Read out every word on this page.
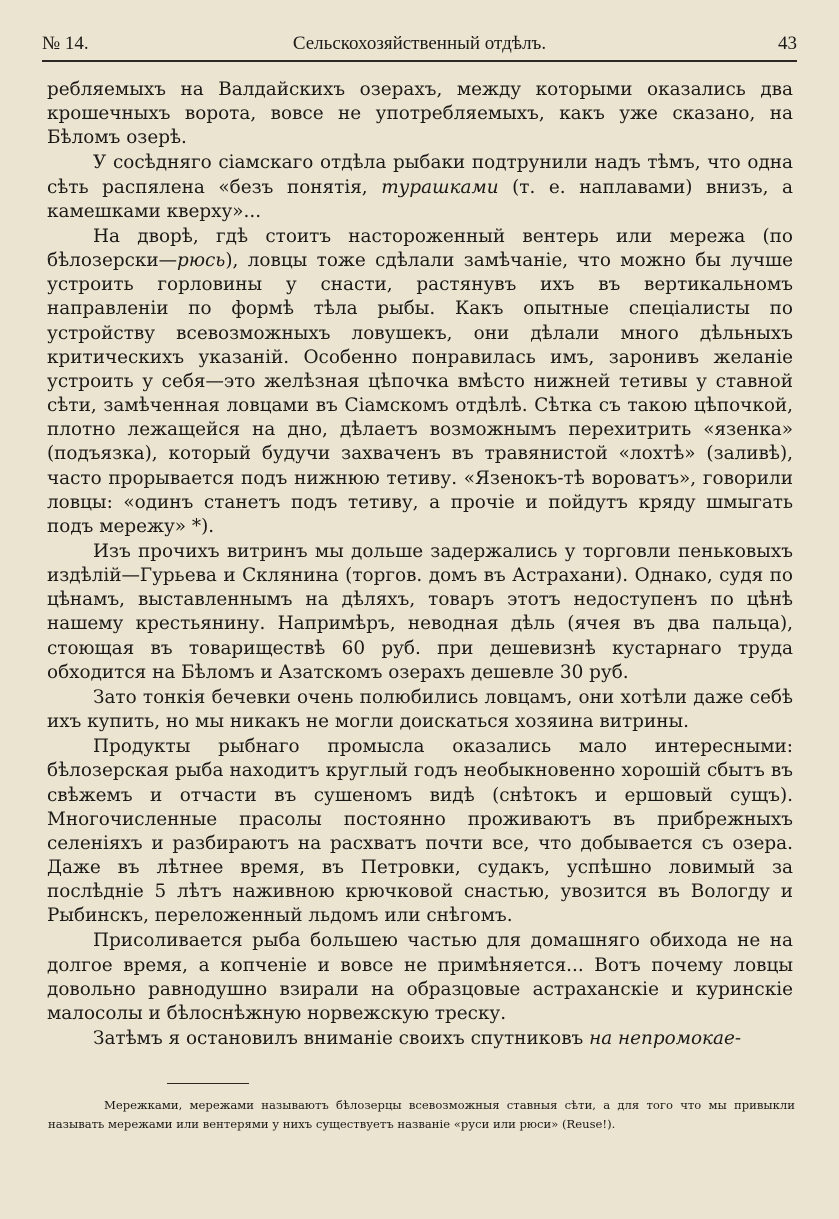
Сельскохозяйственный отдѣлъ.
№ 14.	43

ребляемыхъ на Валдайскихъ озерахъ, между которыми оказались два крошечныхъ ворота, вовсе не употребляемыхъ, какъ уже сказано, на Бѣломъ озерѣ.

У сосѣдняго сіамскаго отдѣла рыбаки подтрунили надъ тѣмъ, что одна сѣть распялена «безъ понятія, турашками (т. е. наплавами) внизъ, а камешками кверху»...

На дворѣ, гдѣ стоитъ настороженный вентерь или мережа (по бѣлозерски—рюсь), ловцы тоже сдѣлали замѣчаніе, что можно бы лучше устроить горловины у снасти, растянувъ ихъ въ вертикальномъ направленіи по формѣ тѣла рыбы. Какъ опытные спеціалисты по устройству всевозможныхъ ловушекъ, они дѣлали много дѣльныхъ критическихъ указаній. Особенно понравилась имъ, заронивъ желаніе устроить у себя—это желѣзная цѣпочка вмѣсто нижней тетивы у ставной сѣти, замѣченная ловцами въ Сіамскомъ отдѣлѣ. Сѣтка съ такою цѣпочкой, плотно лежащейся на дно, дѣлаетъ возможнымъ перехитрить «язенка» (подъязка), который будучи захваченъ въ травянистой «лохтѣ» (заливѣ), часто прорывается подъ нижнюю тетиву. «Язенокъ-тѣ вороватъ», говорили ловцы: «одинъ станетъ подъ тетиву, а прочіе и пойдутъ кряду шмыгать подъ мережу» *).

Изъ прочихъ витринъ мы дольше задержались у торговли пеньковыхъ издѣлій—Гурьева и Склянина (торгов. домъ въ Астрахани). Однако, судя по цѣнамъ, выставленнымъ на дѣляхъ, товаръ этотъ недоступенъ по цѣнѣ нашему крестьянину. Напримѣръ, неводная дѣль (ячея въ два пальца), стоющая въ товариществѣ 60 руб. при дешевизнѣ кустарнаго труда обходится на Бѣломъ и Азатскомъ озерахъ дешевле 30 руб.

Зато тонкія бечевки очень полюбились ловцамъ, они хотѣли даже себѣ ихъ купить, но мы никакъ не могли доискаться хозяина витрины.

Продукты рыбнаго промысла оказались мало интересными: бѣлозерская рыба находитъ круглый годъ необыкновенно хорошій сбытъ въ свѣжемъ и отчасти въ сушеномъ видѣ (снѣтокъ и ершовый сущъ). Многочисленные прасолы постоянно проживаютъ въ прибрежныхъ селеніяхъ и разбираютъ на расхватъ почти все, что добывается съ озера. Даже въ лѣтнее время, въ Петровки, судакъ, успѣшно ловимый за послѣдніе 5 лѣтъ наживною крючковой снастью, увозится въ Вологду и Рыбинскъ, переложенный льдомъ или снѣгомъ.

Присоливается рыба большею частью для домашняго обихода не на долгое время, а копченіе и вовсе не примѣняется... Вотъ почему ловцы довольно равнодушно взирали на образцовые астраханскіе и куринскіе малосолы и бѣлоснѣжную норвежскую треску.

Затѣмъ я остановилъ вниманіе своихъ спутниковъ на непромокае-

Мережками, мережами называютъ бѣлозерцы всевозможныя ставныя сѣти, а для того что мы привыкли называть мережами или вентерями у нихъ существуетъ названіе «руси или рюси» (Reuse!).
